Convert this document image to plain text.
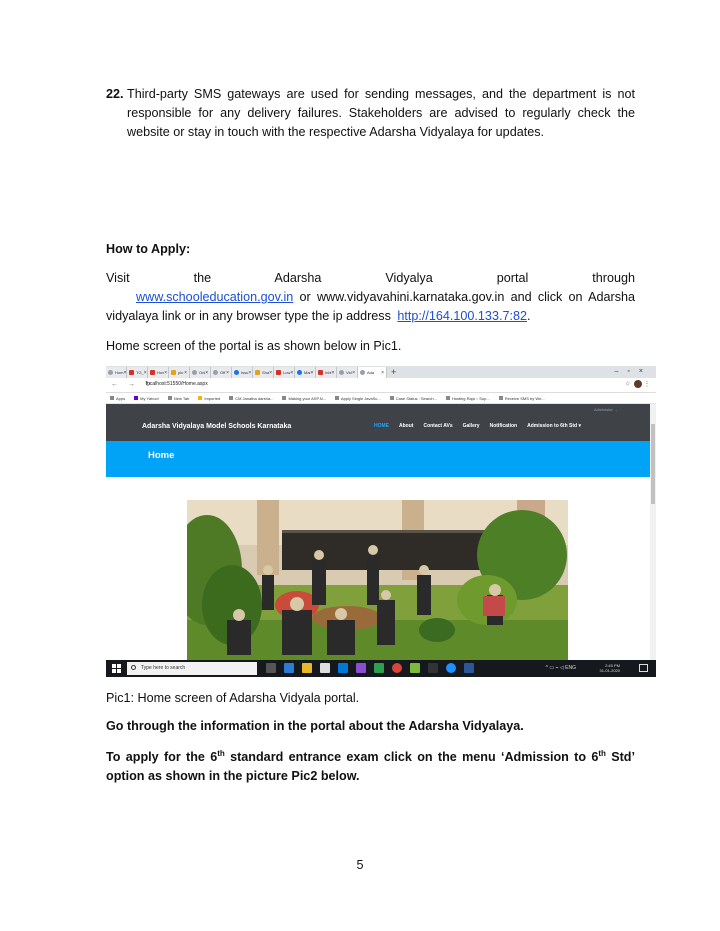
22. Third-party SMS gateways are used for sending messages, and the department is not responsible for any delivery failures. Stakeholders are advised to regularly check the website or stay in touch with the respective Adarsha Vidyalaya for updates.
How to Apply:
Visit the Adarsha Vidyalya portal through www.schooleducation.gov.in or www.vidyavahini.karnataka.gov.in and click on Adarsha vidyalaya link or in any browser type the ip address http://164.100.133.7:82.
Home screen of the portal is as shown below in Pic1.
Hom × TG_ ×	Hov ×	plu ×	Onl ×	Off ×	Issu ×	Sha ×	Low ×	Mai ×	Inbi ×	Vid ×	Ada × +	–▫×
← → ↻
localhost:51550/Home.aspx	☆ ⋮
Apps	My Yahoo!	New Tab	Imported	CM Janatha darsha...	Making your ASP.N...	Apply Single JavaSc...	Case Status : Search...	Hosting Raja :: Sup...	Receive SMS by We...
Administer →
Adarsha Vidyalaya Model Schools Karnataka	HOME About Contact AVs Gallery Notification Admission to 6th Std ▾
Home
Type here to search	^ ▭ ⌁ ◁ ENG	2:45 PM
31-01-2020
Pic1: Home screen of Adarsha Vidyala portal.
Go through the information in the portal about the Adarsha Vidyalaya.
To apply for the 6th standard entrance exam click on the menu ‘Admission to 6th Std’ option as shown in the picture Pic2 below.
5
